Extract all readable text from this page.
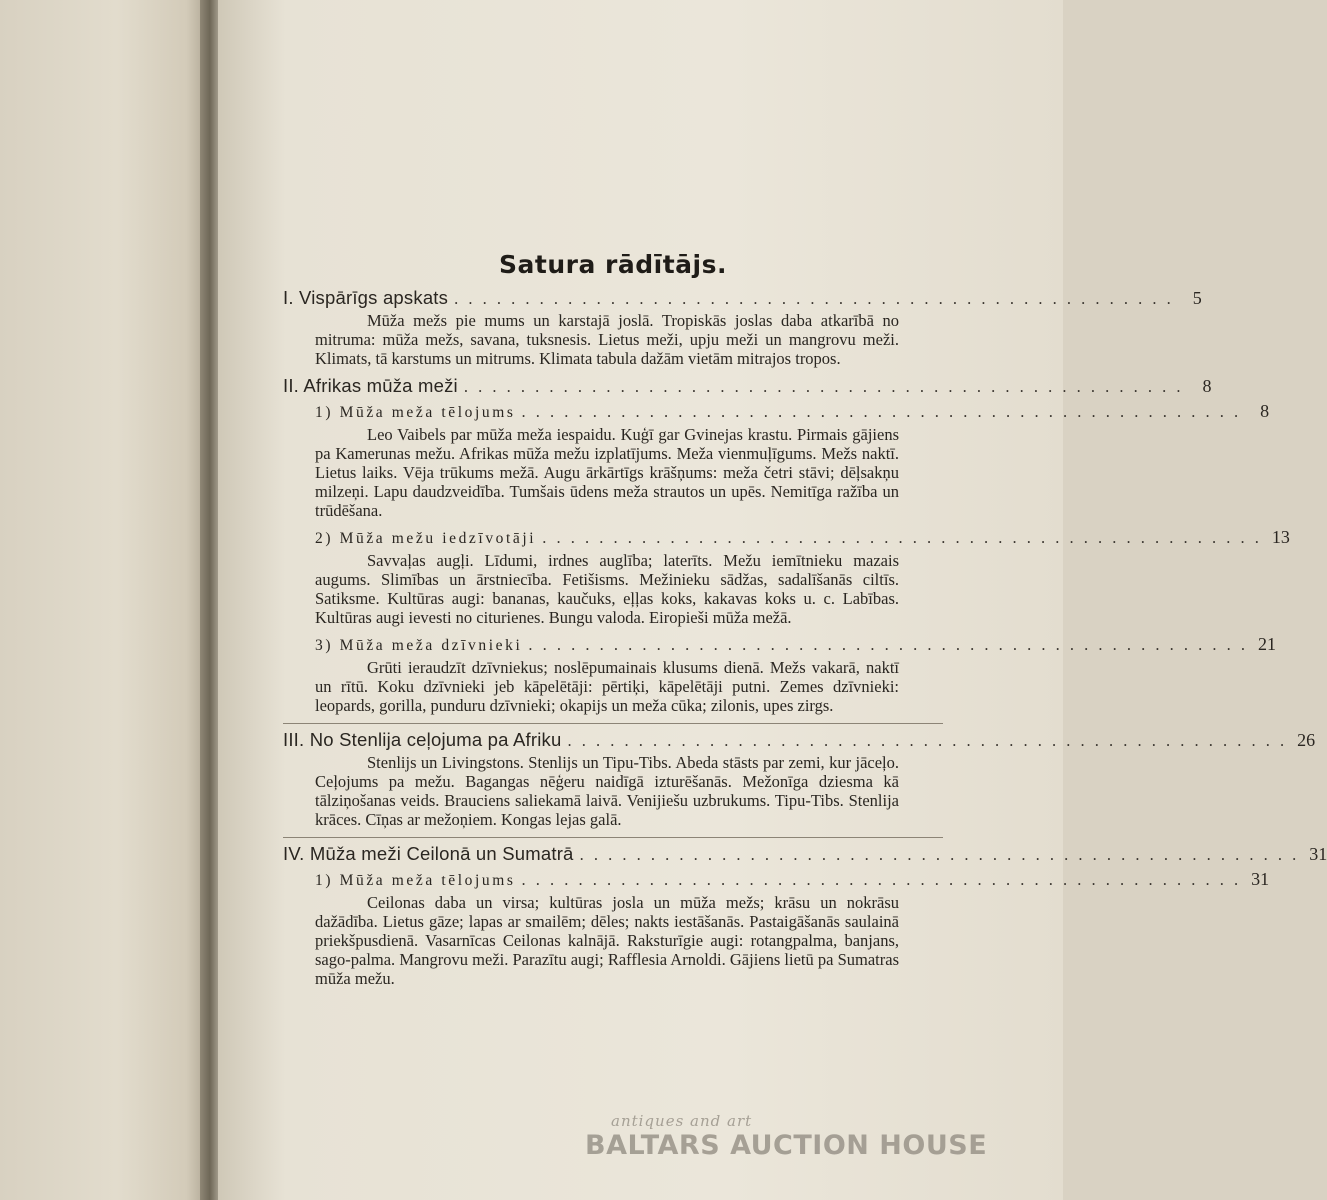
Satura rādītājs.
I. Vispārīgs apskats . . . . . . . . . . . . . . . . . . . . . . . . . . . . . . . . . . . . . . . . . . . . . . . . . . .	5
Mūža mežs pie mums un karstajā joslā. Tropiskās joslas daba atkarībā no mitruma: mūža mežs, savana, tuksnesis. Lietus meži, upju meži un mangrovu meži. Klimats, tā karstums un mitrums. Klimata tabula dažām vietām mitrajos tropos.
II. Afrikas mūža meži . . . . . . . . . . . . . . . . . . . . . . . . . . . . . . . . . . . . . . . . . . . . . . . . . . .	8
1) Mūža meža tēlojums . . . . . . . . . . . . . . . . . . . . . . . . . . . . . . . . . . . . . . . . . . . . . . . . . . .	8
Leo Vaibels par mūža meža iespaidu. Kuģī gar Gvinejas krastu. Pirmais gājiens pa Kamerunas mežu. Afrikas mūža mežu izplatījums. Meža vienmuļīgums. Mežs naktī. Lietus laiks. Vēja trūkums mežā. Augu ārkārtīgs krāšņums: meža četri stāvi; dēļsakņu milzeņi. Lapu daudzveidība. Tumšais ūdens meža strautos un upēs. Nemitīga ražība un trūdēšana.
2) Mūža mežu iedzīvotāji . . . . . . . . . . . . . . . . . . . . . . . . . . . . . . . . . . . . . . . . . . . . . . . . . . . 13
Savvaļas augļi. Līdumi, irdnes auglība; laterīts. Mežu iemītnieku mazais augums. Slimības un ārstniecība. Fetišisms. Mežinieku sādžas, sadalīšanās ciltīs. Satiksme. Kultūras augi: bananas, kaučuks, eļļas koks, kakavas koks u. c. Labības. Kultūras augi ievesti no citurienes. Bungu valoda. Eiropieši mūža mežā.
3) Mūža meža dzīvnieki . . . . . . . . . . . . . . . . . . . . . . . . . . . . . . . . . . . . . . . . . . . . . . . . . . . 21
Grūti ieraudzīt dzīvniekus; noslēpumainais klusums dienā. Mežs vakarā, naktī un rītū. Koku dzīvnieki jeb kāpelētāji: pērtiķi, kāpelētāji putni. Zemes dzīvnieki: leopards, gorilla, punduru dzīvnieki; okapijs un meža cūka; zilonis, upes zirgs.
III. No Stenlija ceļojuma pa Afriku . . . . . . . . . . . . . . . . . . . . . . . . . . . . . . . . . . . . . . . . . . . . . . . . . . . 26
Stenlijs un Livingstons. Stenlijs un Tipu-Tibs. Abeda stāsts par zemi, kur jāceļo. Ceļojums pa mežu. Bagangas nēģeru naidīgā izturēšanās. Mežonīga dziesma kā tālziņošanas veids. Brauciens saliekamā laivā. Venijiešu uzbrukums. Tipu-Tibs. Stenlija krāces. Cīņas ar mežoņiem. Kongas lejas galā.
IV. Mūža meži Ceilonā un Sumatrā . . . . . . . . . . . . . . . . . . . . . . . . . . . . . . . . . . . . . . . . . . . . . . . . . . . 31
1) Mūža meža tēlojums . . . . . . . . . . . . . . . . . . . . . . . . . . . . . . . . . . . . . . . . . . . . . . . . . . . 31
Ceilonas daba un virsa; kultūras josla un mūža mežs; krāsu un nokrāsu dažādība. Lietus gāze; lapas ar smailēm; dēles; nakts iestāšanās. Pastaigāšanās saulainā priekšpusdienā. Vasarnīcas Ceilonas kalnājā. Raksturīgie augi: rotangpalma, banjans, sago-palma. Mangrovu meži. Parazītu augi; Rafflesia Arnoldi. Gājiens lietū pa Sumatras mūža mežu.
antiques and art
BALTARS AUCTION HOUSE
